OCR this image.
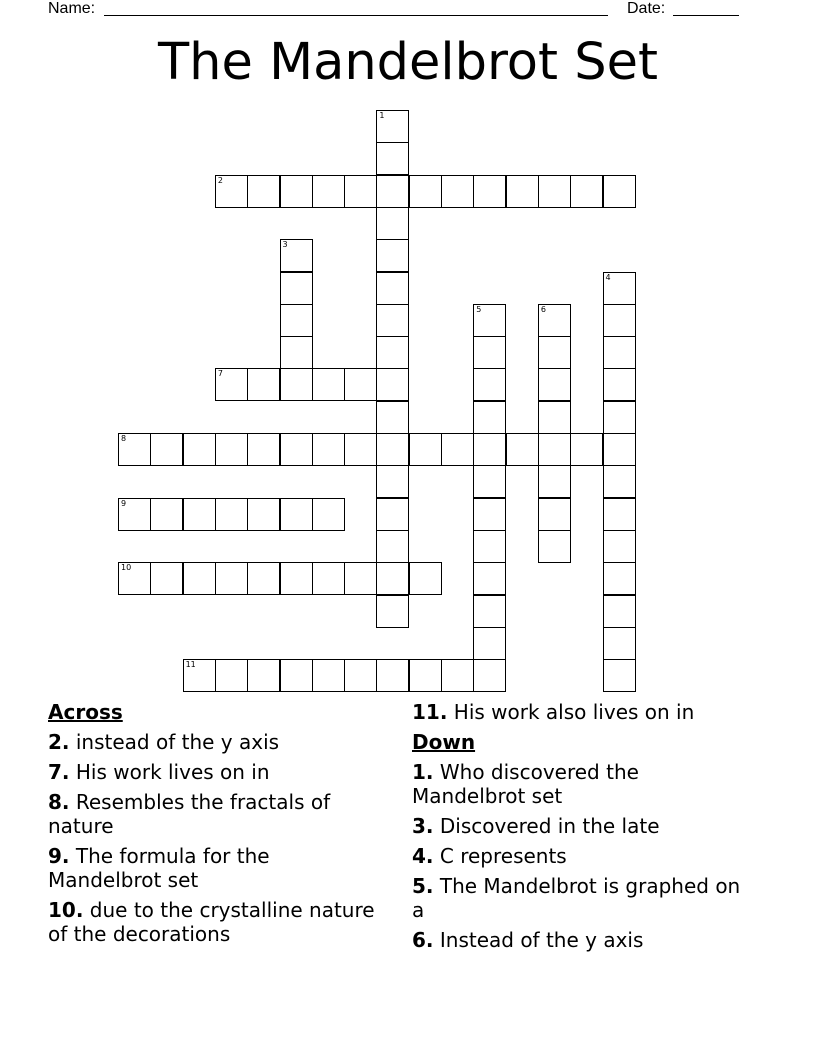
Name:	Date:
The Mandelbrot Set
1
2
3
4
5	6
7
8
9
10
11
Across
2. instead of the y axis
7. His work lives on in
8. Resembles the fractals of nature
9. The formula for the Mandelbrot set
10. due to the crystalline nature of the decorations
11. His work also lives on in
Down
1. Who discovered the Mandelbrot set
3. Discovered in the late
4. C represents
5. The Mandelbrot is graphed on a
6. Instead of the y axis
